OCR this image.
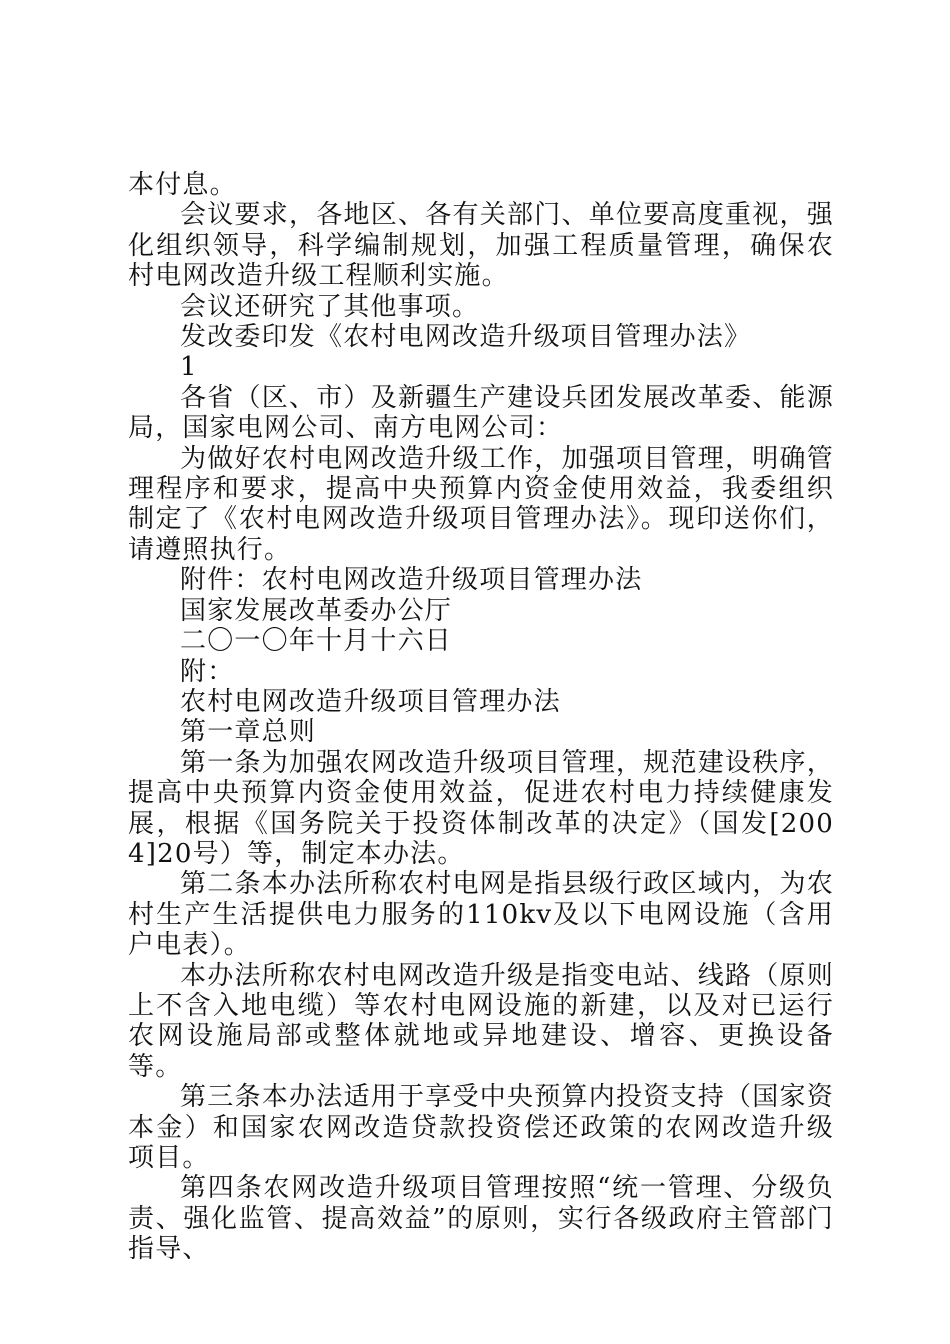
本付息。

会议要求，各地区、各有关部门、单位要高度重视，强化组织领导，科学编制规划，加强工程质量管理，确保农村电网改造升级工程顺利实施。

会议还研究了其他事项。

发改委印发《农村电网改造升级项目管理办法》

1

各省（区、市）及新疆生产建设兵团发展改革委、能源局，国家电网公司、南方电网公司：

为做好农村电网改造升级工作，加强项目管理，明确管理程序和要求，提高中央预算内资金使用效益，我委组织制定了《农村电网改造升级项目管理办法》。现印送你们，请遵照执行。

附件：农村电网改造升级项目管理办法

国家发展改革委办公厅

二〇一〇年十月十六日

附：

农村电网改造升级项目管理办法

第一章总则

第一条为加强农网改造升级项目管理，规范建设秩序，提高中央预算内资金使用效益，促进农村电力持续健康发展，根据《国务院关于投资体制改革的决定》（国发[2004]20号）等，制定本办法。

第二条本办法所称农村电网是指县级行政区域内，为农村生产生活提供电力服务的110kv及以下电网设施（含用户电表）。

本办法所称农村电网改造升级是指变电站、线路（原则上不含入地电缆）等农村电网设施的新建，以及对已运行农网设施局部或整体就地或异地建设、增容、更换设备等。

第三条本办法适用于享受中央预算内投资支持（国家资本金）和国家农网改造贷款投资偿还政策的农网改造升级项目。

第四条农网改造升级项目管理按照“统一管理、分级负责、强化监管、提高效益”的原则，实行各级政府主管部门指导、
